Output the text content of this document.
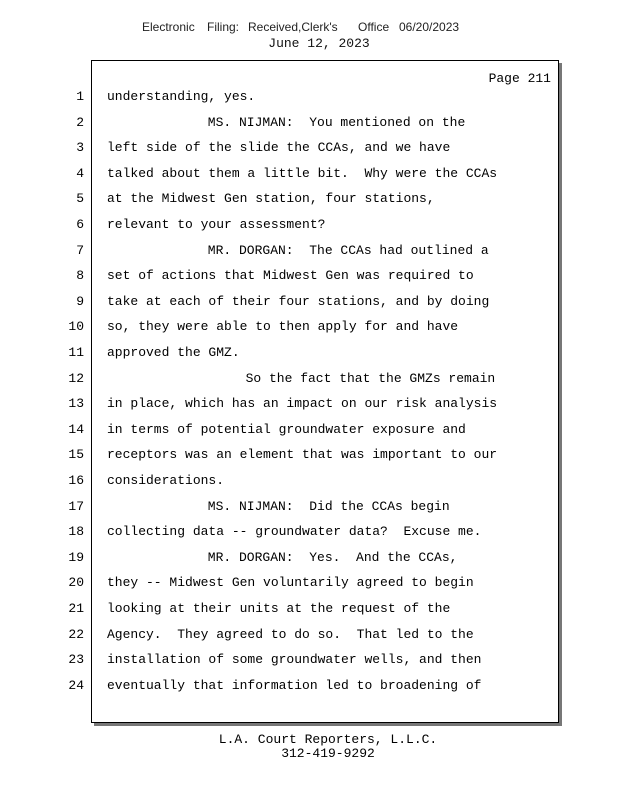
Electronic Filing: Received,Clerk's Office 06/20/2023
June 12, 2023
Page 211
1 understanding, yes.
2	MS. NIJMAN:  You mentioned on the
3 left side of the slide the CCAs, and we have
4 talked about them a little bit.  Why were the CCAs
5 at the Midwest Gen station, four stations,
6 relevant to your assessment?
7	MR. DORGAN:  The CCAs had outlined a
8 set of actions that Midwest Gen was required to
9 take at each of their four stations, and by doing
10 so, they were able to then apply for and have
11 approved the GMZ.
12	So the fact that the GMZs remain
13 in place, which has an impact on our risk analysis
14 in terms of potential groundwater exposure and
15 receptors was an element that was important to our
16 considerations.
17	MS. NIJMAN:  Did the CCAs begin
18 collecting data -- groundwater data?  Excuse me.
19	MR. DORGAN:  Yes.  And the CCAs,
20 they -- Midwest Gen voluntarily agreed to begin
21 looking at their units at the request of the
22 Agency.  They agreed to do so.  That led to the
23 installation of some groundwater wells, and then
24 eventually that information led to broadening of
L.A. Court Reporters, L.L.C.
312-419-9292
